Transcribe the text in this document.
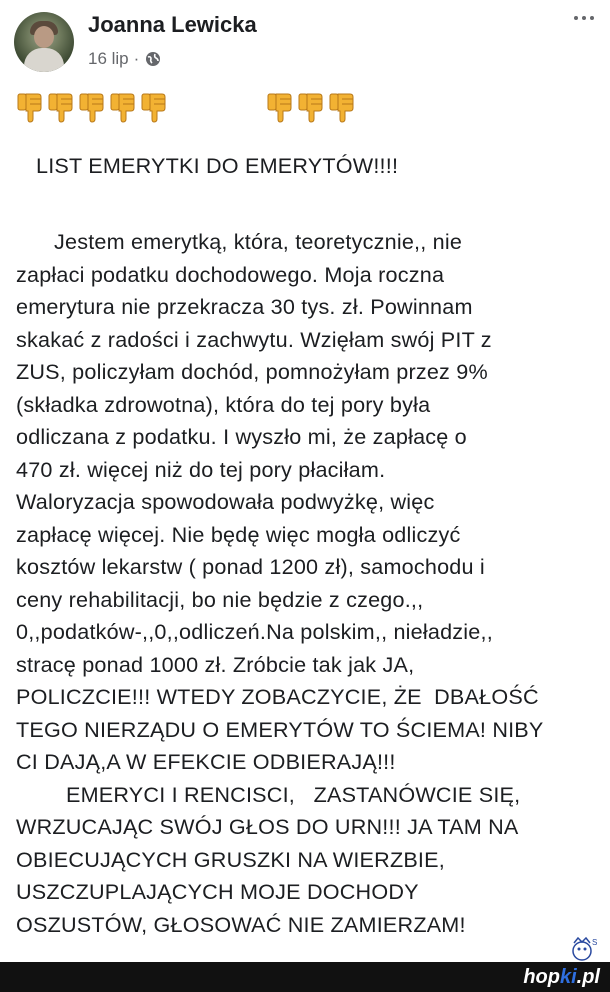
Joanna Lewicka
16 lip ·
LIST EMERYTKI DO EMERYTÓW!!!!
Jestem emerytką, która, teoretycznie,, nie
zapłaci podatku dochodowego. Moja roczna
emerytura nie przekracza 30 tys. zł. Powinnam
skakać z radości i zachwytu. Wzięłam swój PIT z
ZUS, policzyłam dochód, pomnożyłam przez 9%
(składka zdrowotna), która do tej pory była
odliczana z podatku. I wyszło mi, że zapłacę o
470 zł. więcej niż do tej pory płaciłam.
Waloryzacja spowodowała podwyżkę, więc
zapłacę więcej. Nie będę więc mogła odliczyć
kosztów lekarstw ( ponad 1200 zł), samochodu i
ceny rehabilitacji, bo nie będzie z czego.,,
0,,podatków-,,0,,odliczeń.Na polskim,, nieładzie,,
stracę ponad 1000 zł. Zróbcie tak jak JA,
POLICZCIE!!! WTEDY ZOBACZYCIE, ŻE  DBAŁOŚĆ
TEGO NIERZĄDU O EMERYTÓW TO ŚCIEMA! NIBY
CI DAJĄ,A W EFEKCIE ODBIERAJĄ!!!
EMERYCI I RENCISCI,   ZASTANÓWCIE SIĘ,
WRZUCAJĄC SWÓJ GŁOS DO URN!!! JA TAM NA
OBIECUJĄCYCH GRUSZKI NA WIERZBIE,
USZCZUPLAJĄCYCH MOJE DOCHODY
OSZUSTÓW, GŁOSOWAĆ NIE ZAMIERZAM!
S
hopki.pl
